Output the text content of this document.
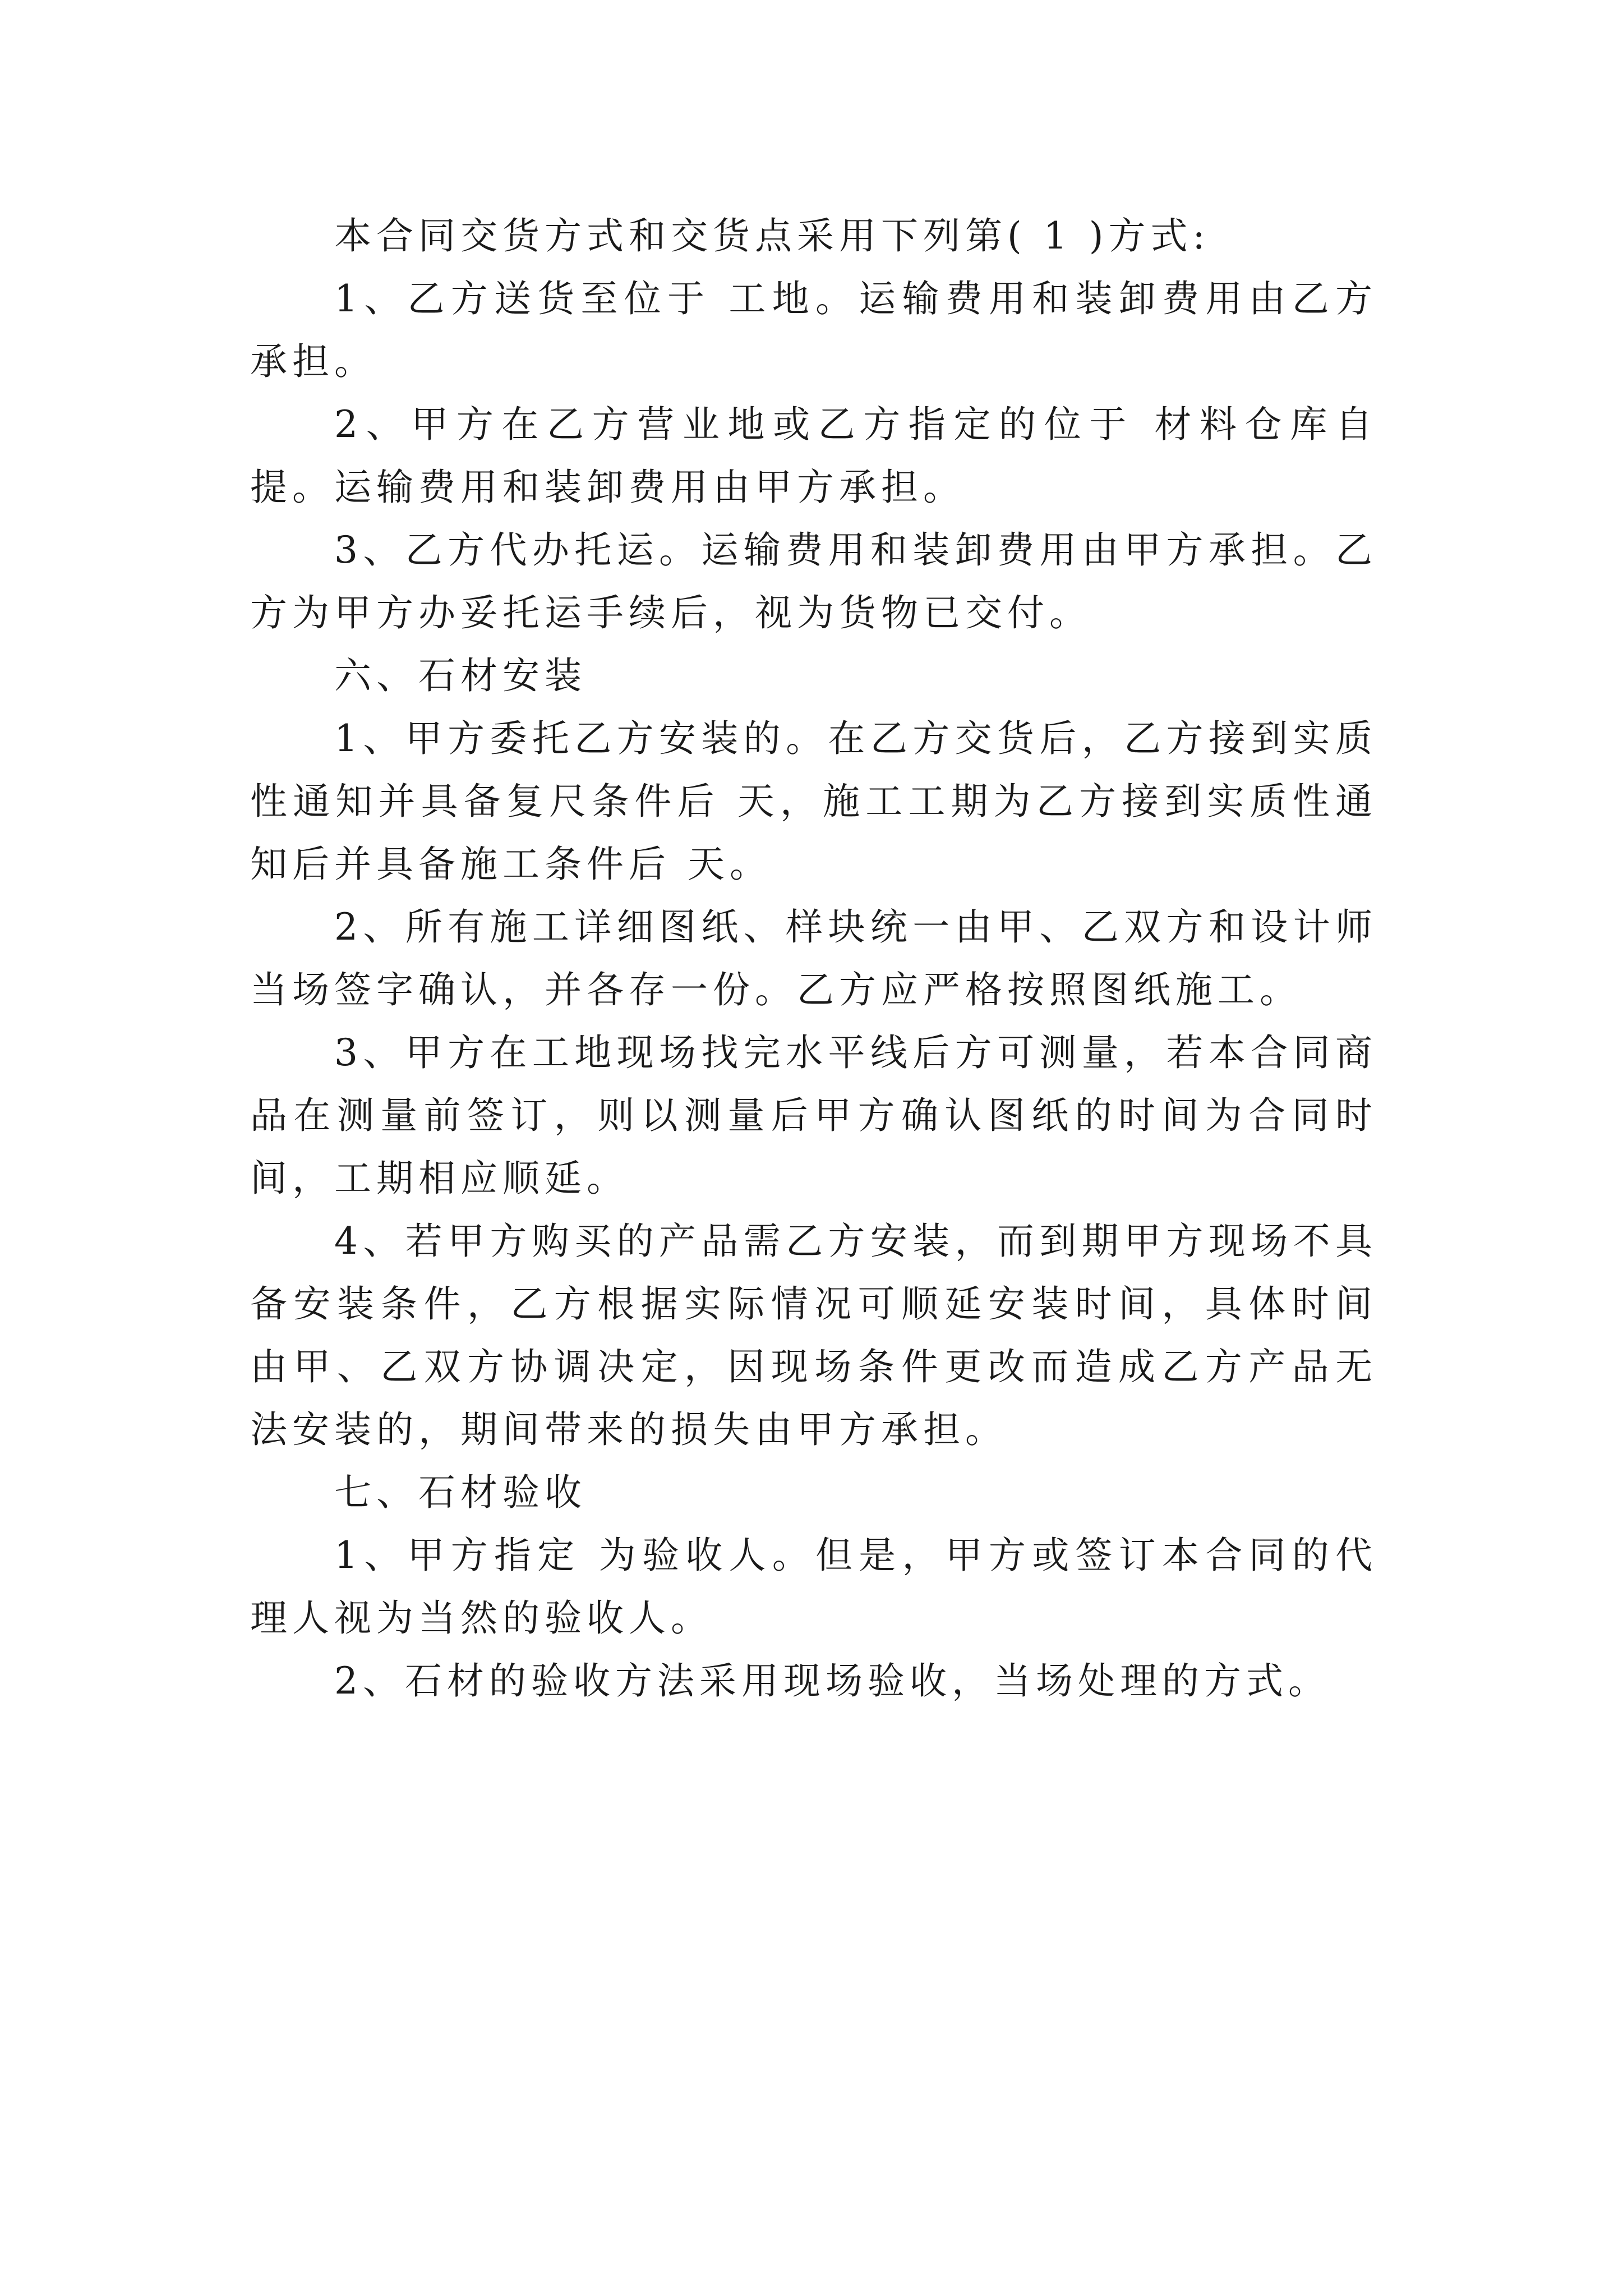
本合同交货方式和交货点采用下列第( 1 )方式:

1、乙方送货至位于 工地。运输费用和装卸费用由乙方承担。

2、甲方在乙方营业地或乙方指定的位于 材料仓库自提。运输费用和装卸费用由甲方承担。

3、乙方代办托运。运输费用和装卸费用由甲方承担。乙方为甲方办妥托运手续后，视为货物已交付。

六、石材安装

1、甲方委托乙方安装的。在乙方交货后，乙方接到实质性通知并具备复尺条件后 天，施工工期为乙方接到实质性通知后并具备施工条件后 天。

2、所有施工详细图纸、样块统一由甲、乙双方和设计师当场签字确认，并各存一份。乙方应严格按照图纸施工。

3、甲方在工地现场找完水平线后方可测量，若本合同商品在测量前签订，则以测量后甲方确认图纸的时间为合同时间，工期相应顺延。

4、若甲方购买的产品需乙方安装，而到期甲方现场不具备安装条件，乙方根据实际情况可顺延安装时间，具体时间由甲、乙双方协调决定，因现场条件更改而造成乙方产品无法安装的，期间带来的损失由甲方承担。

七、石材验收

1、甲方指定 为验收人。但是，甲方或签订本合同的代理人视为当然的验收人。

2、石材的验收方法采用现场验收，当场处理的方式。
